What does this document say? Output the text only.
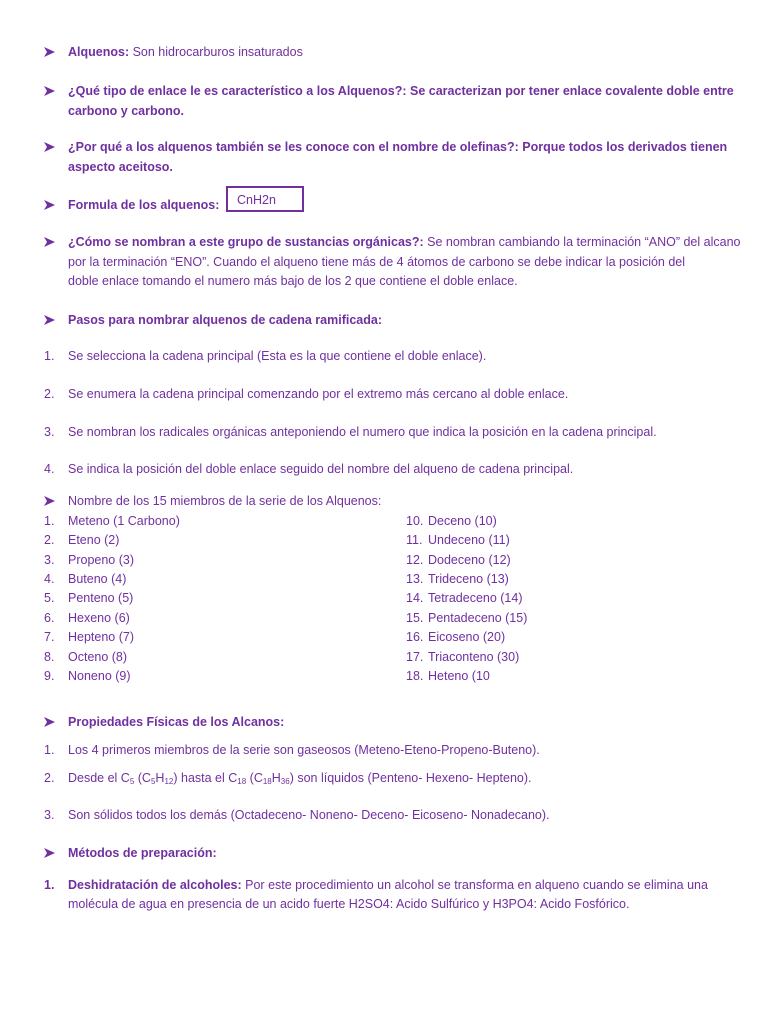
Alquenos: Son hidrocarburos insaturados
¿Qué tipo de enlace le es característico a los Alquenos?: Se caracterizan por tener enlace covalente doble entre
carbono y carbono.
¿Por qué a los alquenos también se les conoce con el nombre de olefinas?: Porque todos los derivados tienen
aspecto aceitoso.
Formula de los alquenos: CnH2n
¿Cómo se nombran a este grupo de sustancias orgánicas?: Se nombran cambiando la terminación “ANO” del alcano
por la terminación “ENO”. Cuando el alqueno tiene más de 4 átomos de carbono se debe indicar la posición del
doble enlace tomando el numero más bajo de los 2 que contiene el doble enlace.
Pasos para nombrar alquenos de cadena ramificada:
1. Se selecciona la cadena principal (Esta es la que contiene el doble enlace).
2. Se enumera la cadena principal comenzando por el extremo más cercano al doble enlace.
3. Se nombran los radicales orgánicas anteponiendo el numero que indica la posición en la cadena principal.
4. Se indica la posición del doble enlace seguido del nombre del alqueno de cadena principal.
Nombre de los 15 miembros de la serie de los Alquenos:
1. Meteno (1 Carbono)
2. Eteno (2)
3. Propeno (3)
4. Buteno (4)
5. Penteno (5)
6. Hexeno (6)
7. Hepteno (7)
8. Octeno (8)
9. Noneno (9)
10. Deceno (10)
11. Undeceno (11)
12. Dodeceno (12)
13. Trideceno (13)
14. Tetradeceno (14)
15. Pentadeceno (15)
16. Eicoseno (20)
17. Triaconteno (30)
18. Heteno (10
Propiedades Físicas de los Alcanos:
1. Los 4 primeros miembros de la serie son gaseosos (Meteno-Eteno-Propeno-Buteno).
2. Desde el $C_5$ $(C_5H_{12})$ hasta el $C_{18}$ $(C_{18}H_{36})$ son líquidos (Penteno- Hexeno- Hepteno).
3. Son sólidos todos los demás (Octadeceno- Noneno- Deceno- Eicoseno- Nonadecano).
Métodos de preparación:
1. Deshidratación de alcoholes: Por este procedimiento un alcohol se transforma en alqueno cuando se elimina una
molécula de agua en presencia de un acido fuerte H2SO4: Acido Sulfúrico y H3PO4: Acido Fosfórico.
